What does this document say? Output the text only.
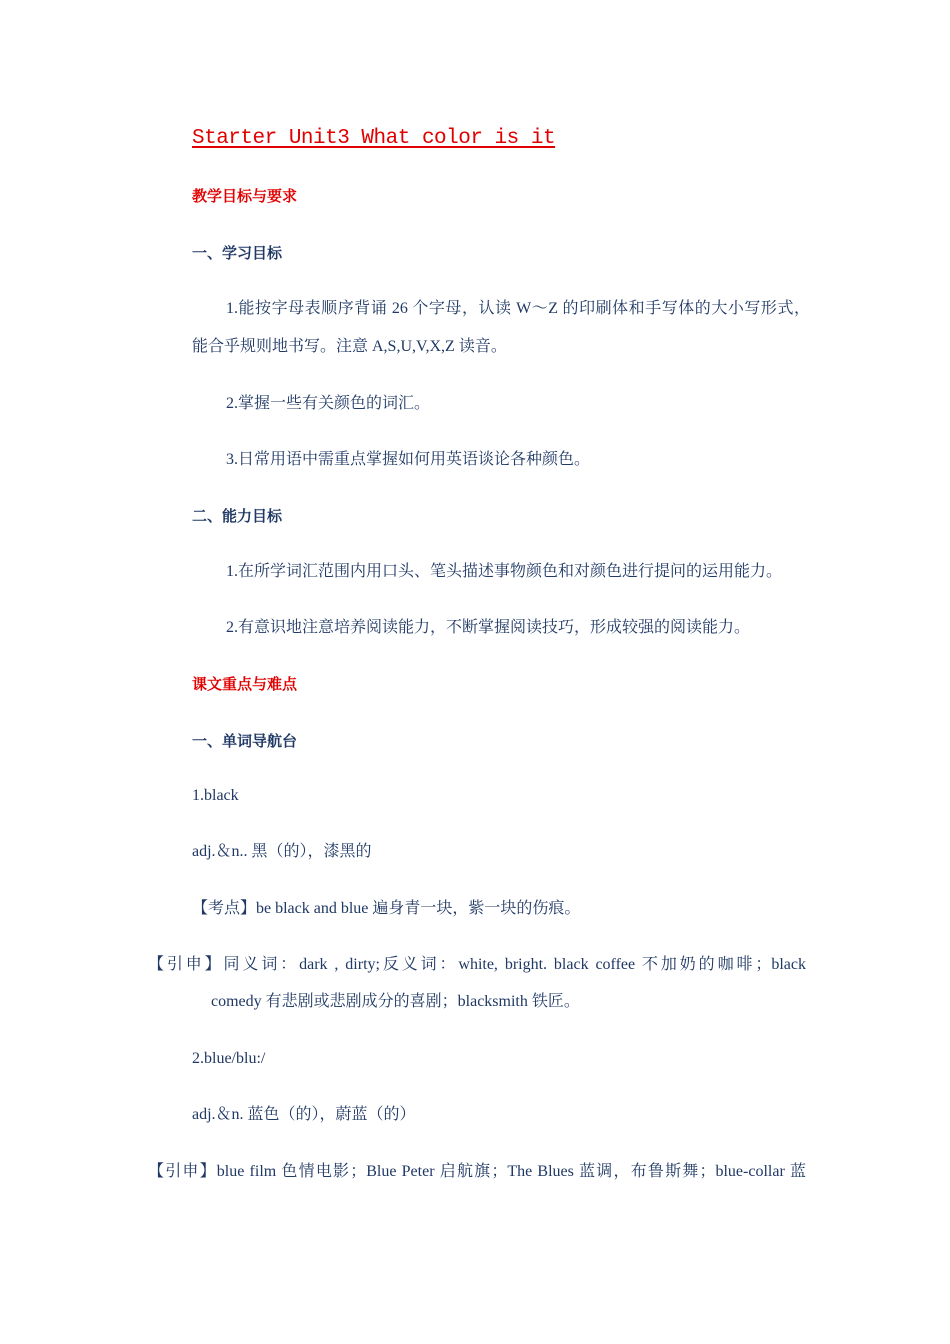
Starter Unit3 What color is it
教学目标与要求
一、学习目标
1.能按字母表顺序背诵 26 个字母，认读 W～Z 的印刷体和手写体的大小写形式，
能合乎规则地书写。注意 A,S,U,V,X,Z 读音。
2.掌握一些有关颜色的词汇。
3.日常用语中需重点掌握如何用英语谈论各种颜色。
二、能力目标
1.在所学词汇范围内用口头、笔头描述事物颜色和对颜色进行提问的运用能力。
2.有意识地注意培养阅读能力，不断掌握阅读技巧，形成较强的阅读能力。
课文重点与难点
一、单词导航台
1.black
adj.＆n.. 黑（的），漆黑的
【考点】be black and blue 遍身青一块，紫一块的伤痕。
【引申】同义词：dark , dirty;反义词：white, bright. black coffee 不加奶的咖啡；black
comedy 有悲剧或悲剧成分的喜剧；blacksmith 铁匠。
2.blue/blu:/
adj.＆n. 蓝色（的），蔚蓝（的）
【引申】blue film 色情电影；Blue Peter 启航旗；The Blues 蓝调，布鲁斯舞；blue-collar 蓝
